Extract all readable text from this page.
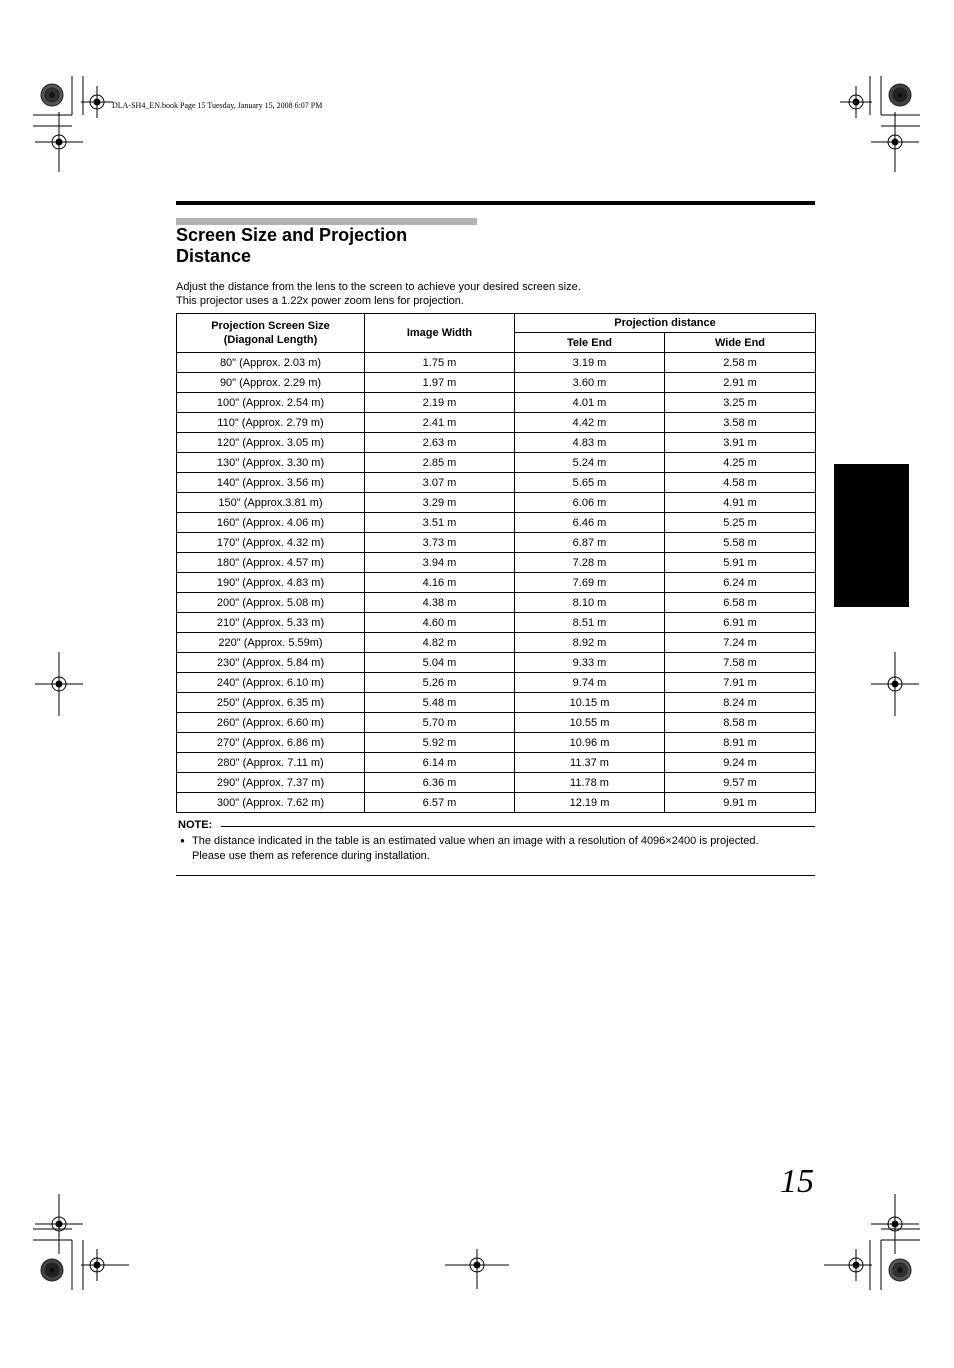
DLA-SH4_EN.book Page 15 Tuesday, January 15, 2008 6:07 PM
Screen Size and Projection
Distance
Adjust the distance from the lens to the screen to achieve your desired screen size.
This projector uses a 1.22x power zoom lens for projection.
Projection Screen Size
(Diagonal Length)	Image Width	Projection distance	
		Tele End	Wide End
80" (Approx. 2.03 m)	1.75 m	3.19 m	2.58 m
90" (Approx. 2.29 m)	1.97 m	3.60 m	2.91 m
100" (Approx. 2.54 m)	2.19 m	4.01 m	3.25 m
110" (Approx. 2.79 m)	2.41 m	4.42 m	3.58 m
120" (Approx. 3.05 m)	2.63 m	4.83 m	3.91 m
130" (Approx. 3.30 m)	2.85 m	5.24 m	4.25 m
140" (Approx. 3.56 m)	3.07 m	5.65 m	4.58 m
150" (Approx.3.81 m)	3.29 m	6.06 m	4.91 m
160" (Approx. 4.06 m)	3.51 m	6.46 m	5.25 m
170" (Approx. 4.32 m)	3.73 m	6.87 m	5.58 m
180" (Approx. 4.57 m)	3.94 m	7.28 m	5.91 m
190" (Approx. 4.83 m)	4.16 m	7.69 m	6.24 m
200" (Approx. 5.08 m)	4.38 m	8.10 m	6.58 m
210" (Approx. 5.33 m)	4.60 m	8.51 m	6.91 m
220" (Approx. 5.59m)	4.82 m	8.92 m	7.24 m
230" (Approx. 5.84 m)	5.04 m	9.33 m	7.58 m
240" (Approx. 6.10 m)	5.26 m	9.74 m	7.91 m
250" (Approx. 6.35 m)	5.48 m	10.15 m	8.24 m
260" (Approx. 6.60 m)	5.70 m	10.55 m	8.58 m
270" (Approx. 6.86 m)	5.92 m	10.96 m	8.91 m
280" (Approx. 7.11 m)	6.14 m	11.37 m	9.24 m
290" (Approx. 7.37 m)	6.36 m	11.78 m	9.57 m
300" (Approx. 7.62 m)	6.57 m	12.19 m	9.91 m
NOTE:
● The distance indicated in the table is an estimated value when an image with a resolution of 4096×2400 is projected.
Please use them as reference during installation.
15
